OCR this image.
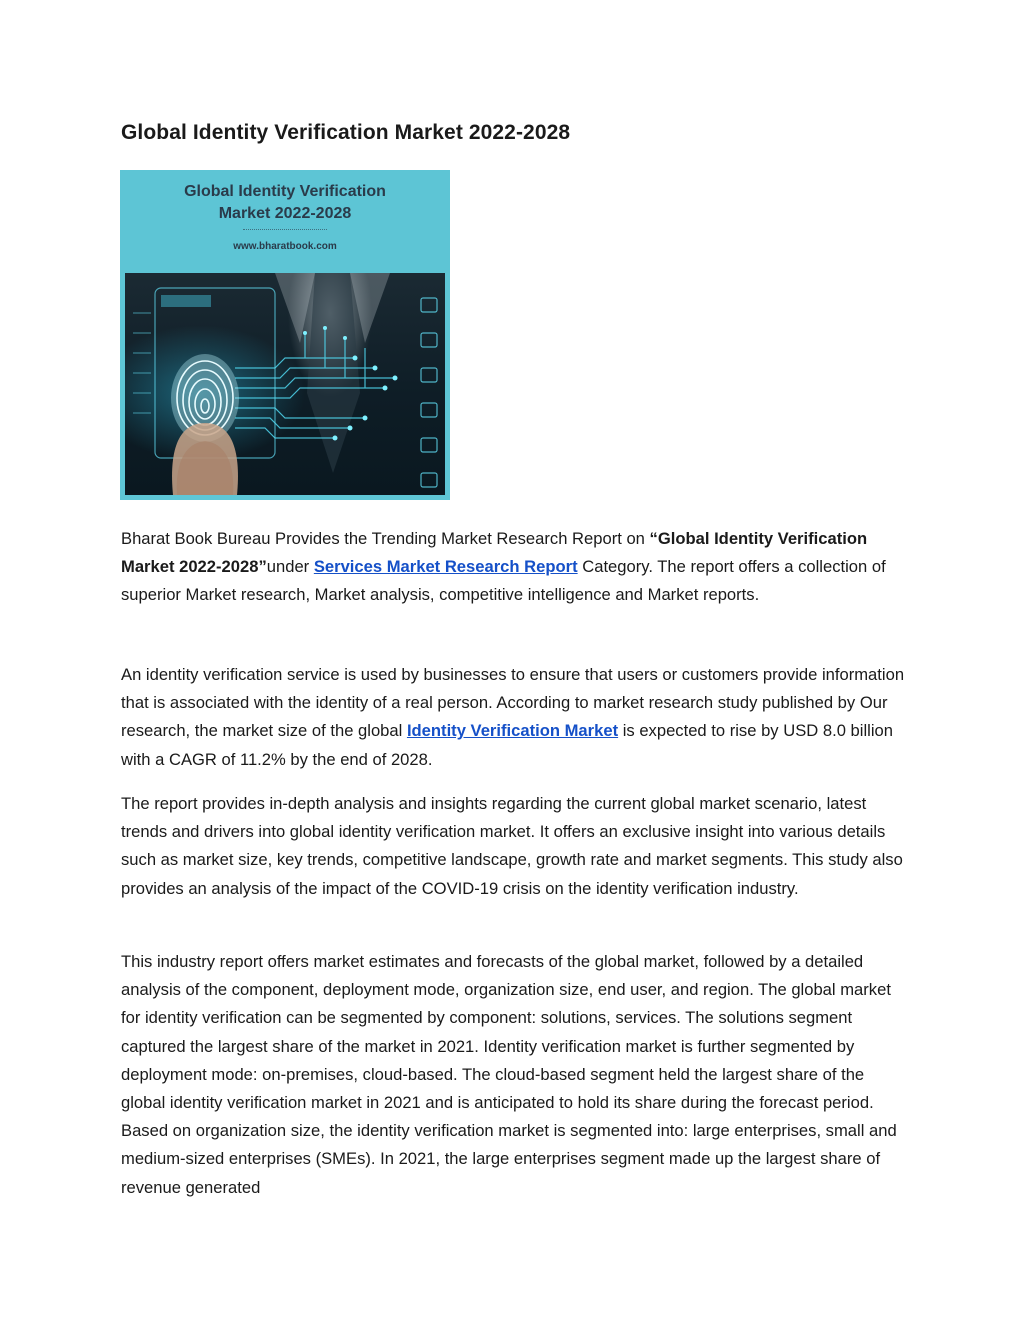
Global Identity Verification Market 2022-2028
Global Identity Verification
Market 2022-2028
www.bharatbook.com

Bharat Book Bureau Provides the Trending Market Research Report on “Global Identity Verification Market 2022-2028”under Services Market Research Report Category. The report offers a collection of superior Market research, Market analysis, competitive intelligence and Market reports.

An identity verification service is used by businesses to ensure that users or customers provide information that is associated with the identity of a real person. According to market research study published by Our research, the market size of the global Identity Verification Market is expected to rise by USD 8.0 billion with a CAGR of 11.2% by the end of 2028.

The report provides in-depth analysis and insights regarding the current global market scenario, latest trends and drivers into global identity verification market. It offers an exclusive insight into various details such as market size, key trends, competitive landscape, growth rate and market segments. This study also provides an analysis of the impact of the COVID-19 crisis on the identity verification industry.

This industry report offers market estimates and forecasts of the global market, followed by a detailed analysis of the component, deployment mode, organization size, end user, and region. The global market for identity verification can be segmented by component: solutions, services. The solutions segment captured the largest share of the market in 2021. Identity verification market is further segmented by deployment mode: on-premises, cloud-based. The cloud-based segment held the largest share of the global identity verification market in 2021 and is anticipated to hold its share during the forecast period. Based on organization size, the identity verification market is segmented into: large enterprises, small and medium-sized enterprises (SMEs). In 2021, the large enterprises segment made up the largest share of revenue generated
